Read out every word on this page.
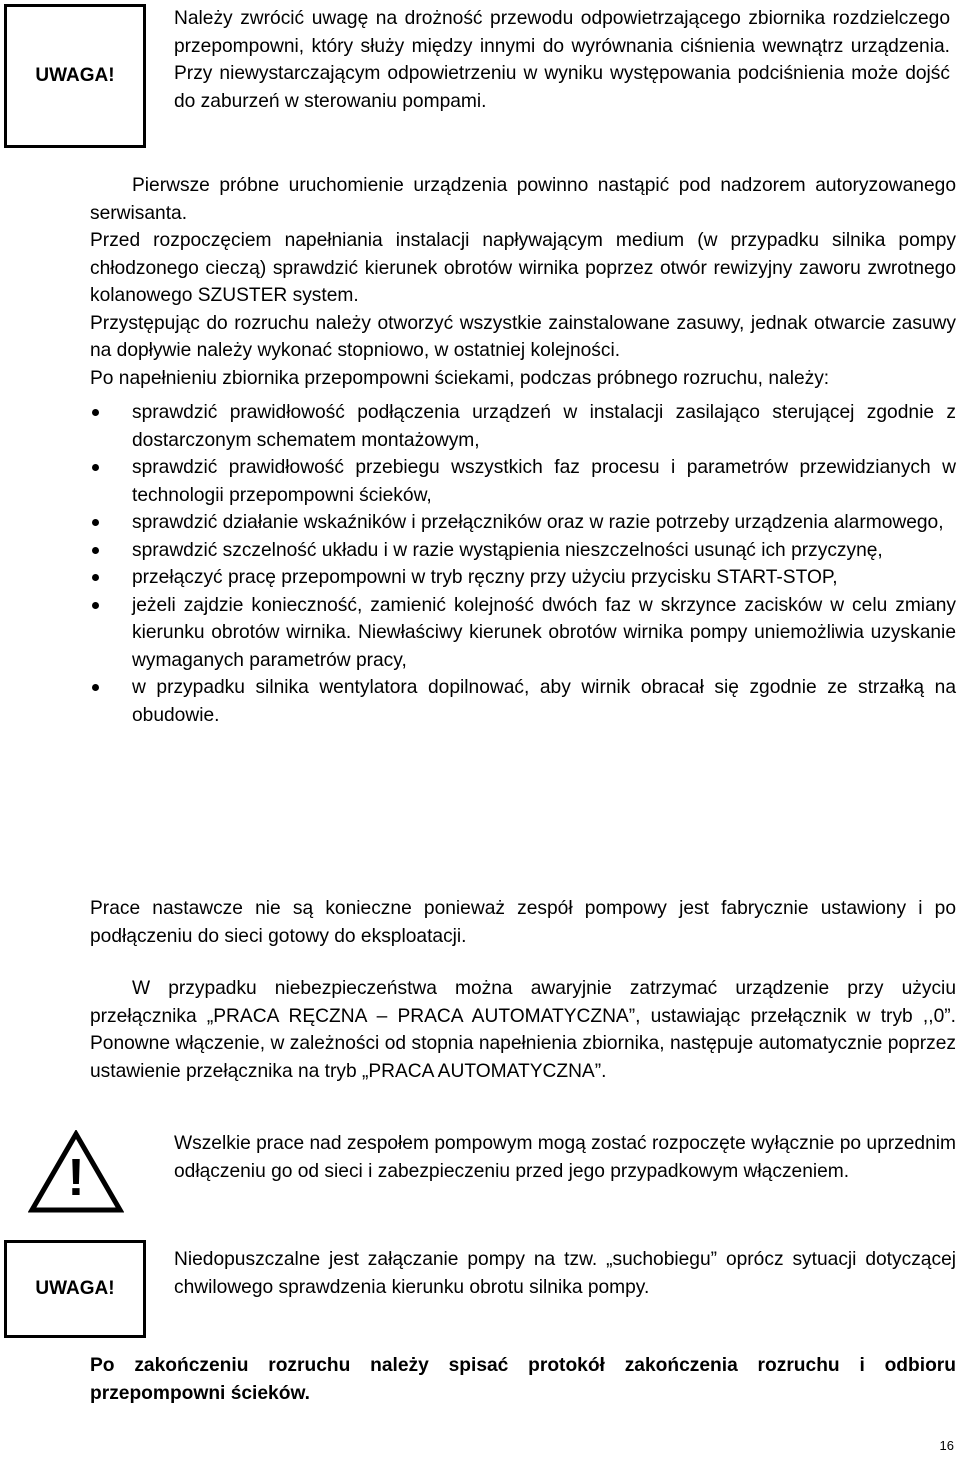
UWAGA!

Należy zwrócić uwagę na drożność przewodu odpowietrzającego zbiornika rozdzielczego przepompowni, który służy między innymi do wyrównania ciśnienia wewnątrz urządzenia. Przy niewystarczającym odpowietrzeniu w wyniku występowania podciśnienia może dojść do zaburzeń w sterowaniu pompami.

Pierwsze próbne uruchomienie urządzenia powinno nastąpić pod nadzorem autoryzowanego serwisanta.

Przed rozpoczęciem napełniania instalacji napływającym medium (w przypadku silnika pompy chłodzonego cieczą) sprawdzić kierunek obrotów wirnika poprzez otwór rewizyjny zaworu zwrotnego kolanowego SZUSTER system.

Przystępując do rozruchu należy otworzyć wszystkie zainstalowane zasuwy, jednak otwarcie zasuwy na dopływie należy wykonać stopniowo, w ostatniej kolejności.

Po napełnieniu zbiornika przepompowni ściekami, podczas próbnego rozruchu, należy:

sprawdzić prawidłowość podłączenia urządzeń w instalacji zasilająco sterującej zgodnie z dostarczonym schematem montażowym,
sprawdzić prawidłowość przebiegu wszystkich faz procesu i parametrów przewidzianych w technologii przepompowni ścieków,
sprawdzić działanie wskaźników i przełączników oraz w razie potrzeby urządzenia alarmowego,
sprawdzić szczelność układu i w razie wystąpienia nieszczelności usunąć ich przyczynę,
przełączyć pracę przepompowni w tryb ręczny przy użyciu przycisku START-STOP,
jeżeli zajdzie konieczność, zamienić kolejność dwóch faz w skrzynce zacisków w celu zmiany kierunku obrotów wirnika. Niewłaściwy kierunek obrotów wirnika pompy uniemożliwia uzyskanie wymaganych parametrów pracy,
w przypadku silnika wentylatora dopilnować, aby wirnik obracał się zgodnie ze strzałką na obudowie.

Prace nastawcze nie są konieczne ponieważ zespół pompowy jest fabrycznie ustawiony i po podłączeniu do sieci gotowy do eksploatacji.

W przypadku niebezpieczeństwa można awaryjnie zatrzymać urządzenie przy użyciu przełącznika „PRACA RĘCZNA – PRACA AUTOMATYCZNA”, ustawiając przełącznik w tryb ,,0”. Ponowne włączenie, w zależności od stopnia napełnienia zbiornika, następuje automatycznie poprzez ustawienie przełącznika na tryb „PRACA AUTOMATYCZNA”.

!

Wszelkie prace nad zespołem pompowym mogą zostać rozpoczęte wyłącznie po uprzednim odłączeniu go od sieci i zabezpieczeniu przed jego przypadkowym włączeniem.

UWAGA!

Niedopuszczalne jest załączanie pompy na tzw. „suchobiegu” oprócz sytuacji dotyczącej chwilowego sprawdzenia kierunku obrotu silnika pompy.

Po zakończeniu rozruchu należy spisać protokół zakończenia rozruchu i odbioru przepompowni ścieków.

16
